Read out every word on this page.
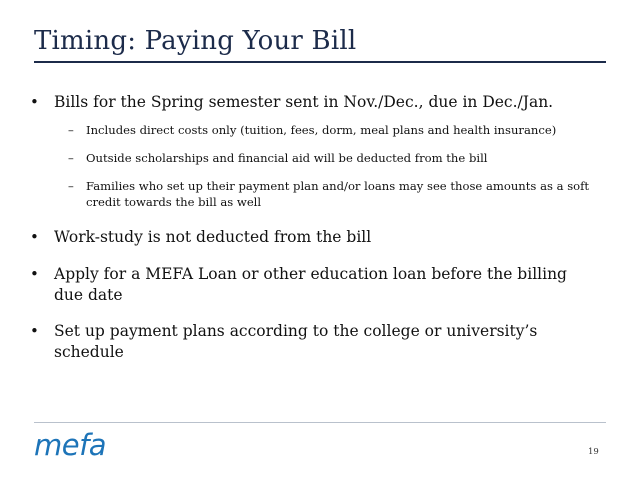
Timing: Paying Your Bill
• Bills for the Spring semester sent in Nov./Dec., due in Dec./Jan.
– Includes direct costs only (tuition, fees, dorm, meal plans and health insurance)
– Outside scholarships and financial aid will be deducted from the bill
– Families who set up their payment plan and/or loans may see those amounts as a soft credit towards the bill as well
• Work-study is not deducted from the bill
• Apply for a MEFA Loan or other education loan before the billing due date
• Set up payment plans according to the college or university’s schedule
mefa	19
